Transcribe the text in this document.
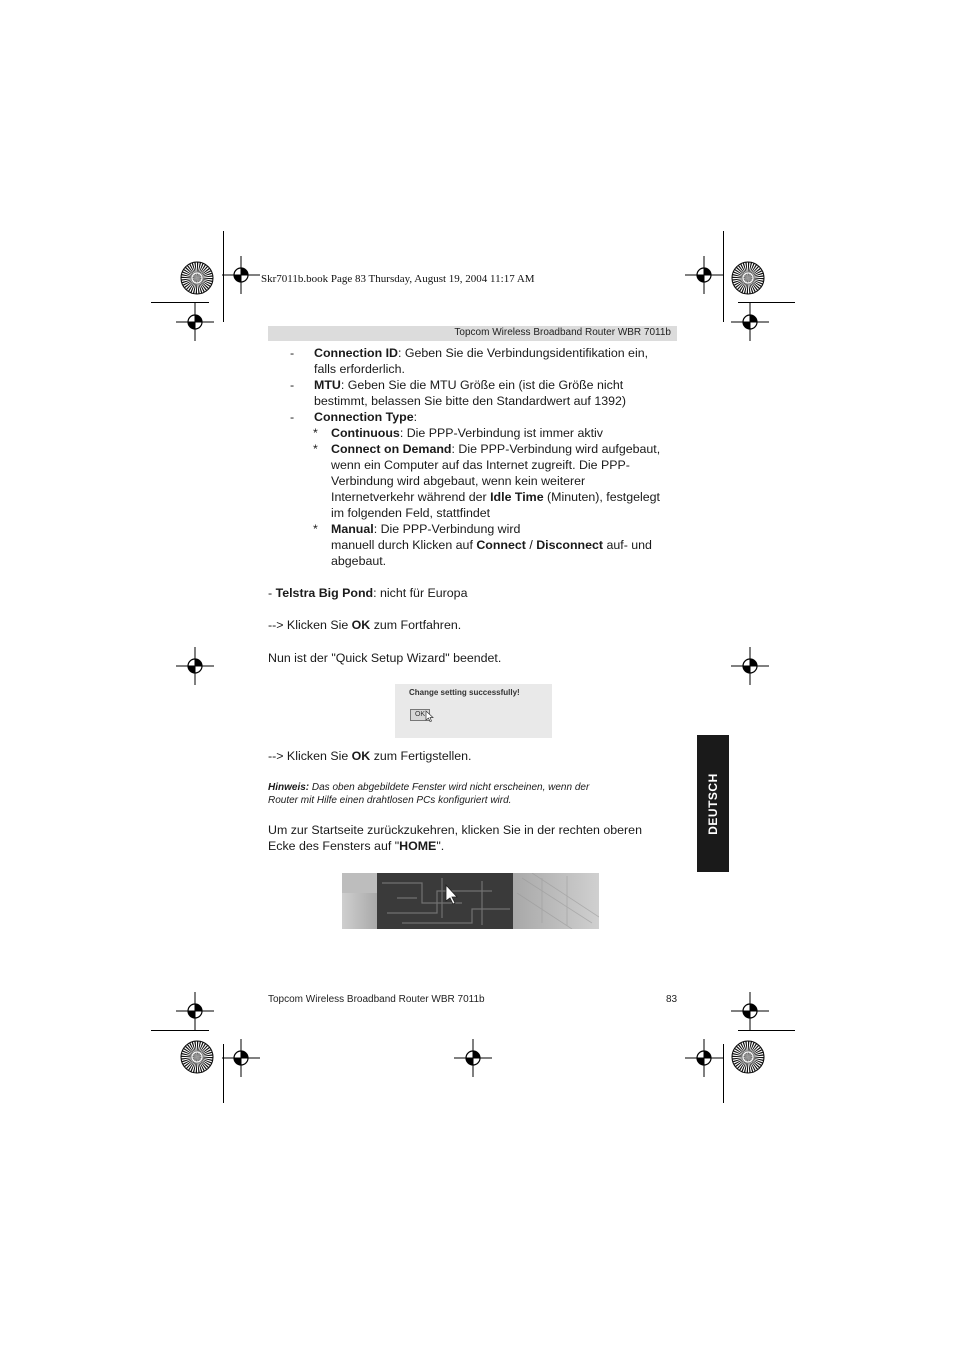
Skr7011b.book Page 83 Thursday, August 19, 2004 11:17 AM
Topcom Wireless Broadband Router WBR 7011b
- Connection ID: Geben Sie die Verbindungsidentifikation ein,
falls erforderlich.
- MTU: Geben Sie die MTU Größe ein (ist die Größe nicht
bestimmt, belassen Sie bitte den Standardwert auf 1392)
- Connection Type:
* Continuous: Die PPP-Verbindung ist immer aktiv
* Connect on Demand: Die PPP-Verbindung wird aufgebaut,
wenn ein Computer auf das Internet zugreift. Die PPP-
Verbindung wird abgebaut, wenn kein weiterer
Internetverkehr während der Idle Time (Minuten), festgelegt
im folgenden Feld, stattfindet
* Manual: Die PPP-Verbindung wird
manuell durch Klicken auf Connect / Disconnect auf- und
abgebaut.
- Telstra Big Pond: nicht für Europa
--> Klicken Sie OK zum Fortfahren.
Nun ist der "Quick Setup Wizard" beendet.
Change setting successfully!
OK
--> Klicken Sie OK zum Fertigstellen.
Hinweis: Das oben abgebildete Fenster wird nicht erscheinen, wenn der
Router mit Hilfe einen drahtlosen PCs konfiguriert wird.
Um zur Startseite zurückzukehren, klicken Sie in der rechten oberen
Ecke des Fensters auf "HOME".
DEUTSCH
Topcom Wireless Broadband Router WBR 7011b	83
